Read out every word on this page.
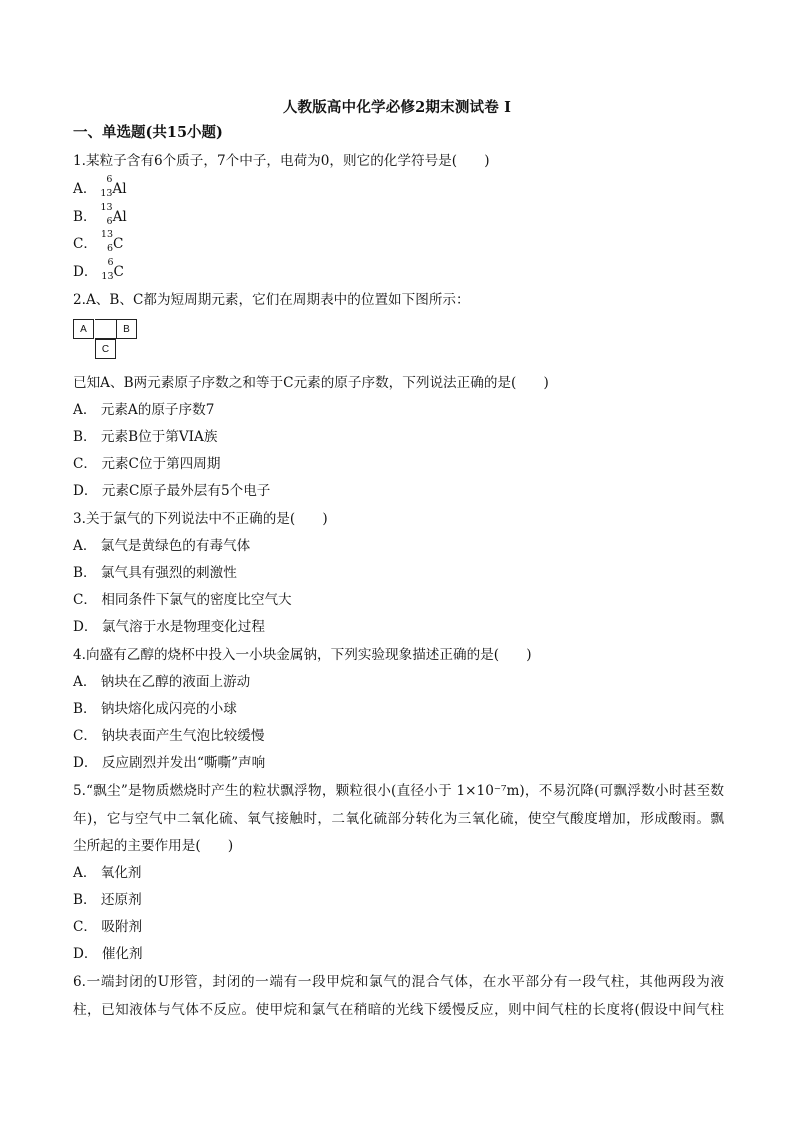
人教版高中化学必修2期末测试卷 I
一、单选题(共15小题)
1.某粒子含有6个质子，7个中子，电荷为0，则它的化学符号是(　　)
A．
6
13 Al
B．
13
6 Al
C．
13
6 C
D．
6
13 C
2.A、B、C都为短周期元素，它们在周期表中的位置如下图所示：
A	B
C
已知A、B两元素原子序数之和等于C元素的原子序数，下列说法正确的是(　　)
A． 元素A的原子序数7
B． 元素B位于第VIA族
C． 元素C位于第四周期
D． 元素C原子最外层有5个电子
3.关于氯气的下列说法中不正确的是(　　)
A． 氯气是黄绿色的有毒气体
B． 氯气具有强烈的刺激性
C． 相同条件下氯气的密度比空气大
D． 氯气溶于水是物理变化过程
4.向盛有乙醇的烧杯中投入一小块金属钠，下列实验现象描述正确的是(　　)
A． 钠块在乙醇的液面上游动
B． 钠块熔化成闪亮的小球
C． 钠块表面产生气泡比较缓慢
D． 反应剧烈并发出“嘶嘶”声响
5.“飘尘”是物质燃烧时产生的粒状飘浮物，颗粒很小(直径小于 1×10⁻⁷m)，不易沉降(可飘浮数小时甚至数
年)，它与空气中二氧化硫、氧气接触时，二氧化硫部分转化为三氧化硫，使空气酸度增加，形成酸雨。飘
尘所起的主要作用是(　　)
A． 氧化剂
B． 还原剂
C． 吸附剂
D． 催化剂
6.一端封闭的U形管，封闭的一端有一段甲烷和氯气的混合气体，在水平部分有一段气柱，其他两段为液
柱，已知液体与气体不反应。使甲烷和氯气在稍暗的光线下缓慢反应，则中间气柱的长度将(假设中间气柱
